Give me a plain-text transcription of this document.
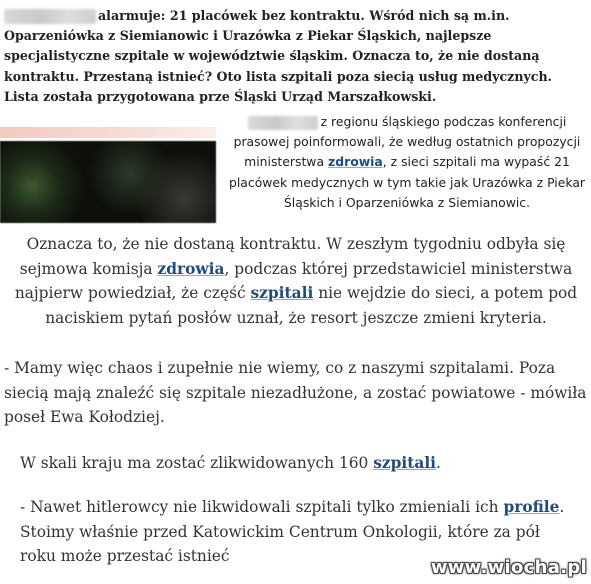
alarmuje: 21 placówek bez kontraktu. Wśród nich są m.in. Oparzeniówka z Siemianowic i Urazówka z Piekar Śląskich, najlepsze specjalistyczne szpitale w województwie śląskim. Oznacza to, że nie dostaną kontraktu. Przestaną istnieć? Oto lista szpitali poza siecią usług medycznych. Lista została przygotowana prze Śląski Urząd Marszałkowski.
z regionu śląskiego podczas konferencji prasowej poinformowali, że według ostatnich propozycji ministerstwa zdrowia, z sieci szpitali ma wypaść 21 placówek medycznych w tym takie jak Urazówka z Piekar Śląskich i Oparzeniówka z Siemianowic.
Oznacza to, że nie dostaną kontraktu. W zeszłym tygodniu odbyła się sejmowa komisja zdrowia, podczas której przedstawiciel ministerstwa najpierw powiedział, że część szpitali nie wejdzie do sieci, a potem pod naciskiem pytań posłów uznał, że resort jeszcze zmieni kryteria.
- Mamy więc chaos i zupełnie nie wiemy, co z naszymi szpitalami. Poza siecią mają znaleźć się szpitale niezadłużone, a zostać powiatowe - mówiła poseł Ewa Kołodziej.
W skali kraju ma zostać zlikwidowanych 160 szpitali.
- Nawet hitlerowcy nie likwidowali szpitali tylko zmieniali ich profile. Stoimy właśnie przed Katowickim Centrum Onkologii, które za pół roku może przestać istnieć
www.wiocha.pl
